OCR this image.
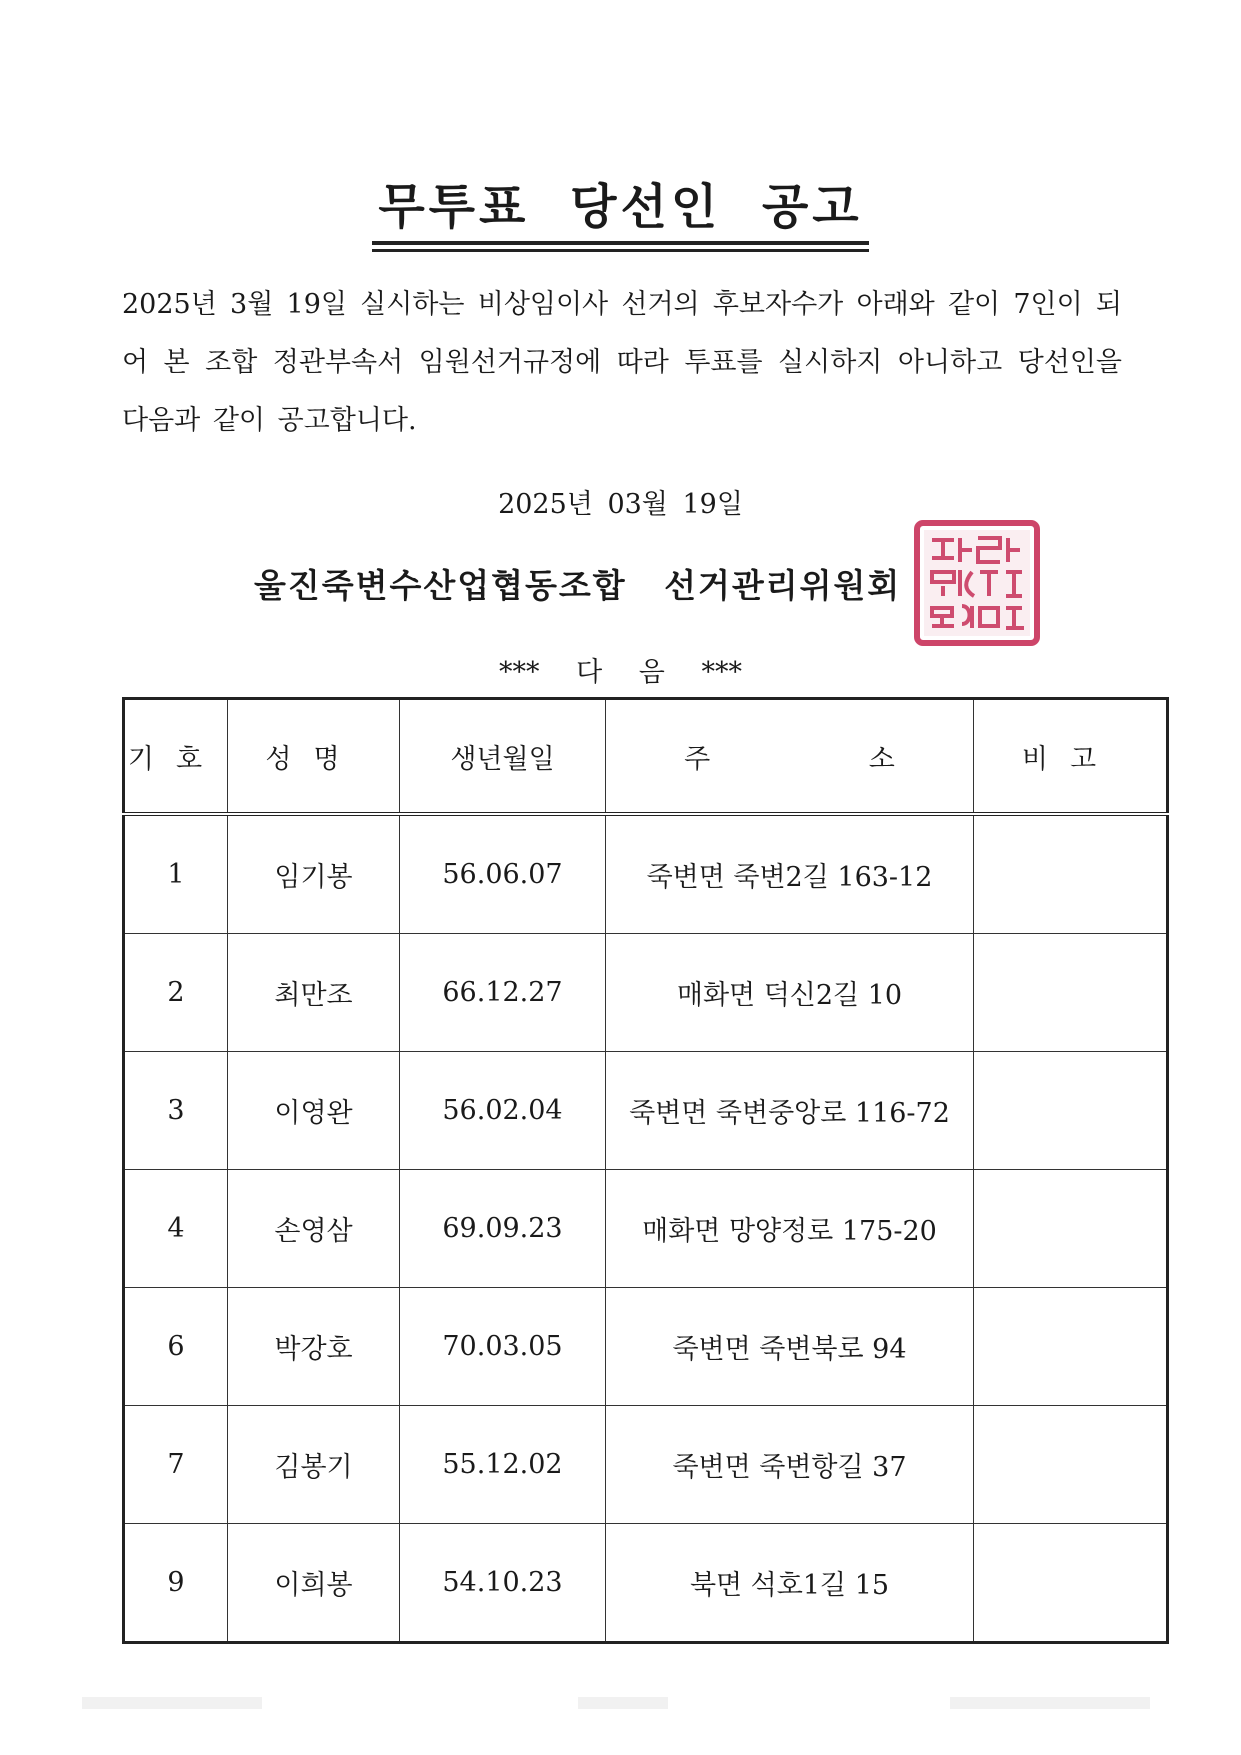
무투표 당선인 공고
2025년 3월 19일 실시하는 비상임이사 선거의 후보자수가 아래와 같이 7인이 되어 본 조합 정관부속서 임원선거규정에 따라 투표를 실시하지 아니하고 당선인을 다음과 같이 공고합니다.
2025년 03월 19일
울진죽변수산업협동조합 선거관리위원회
*** 다 음 ***
기호	성명	생년월일	주 소	비고
1	임기봉	56.06.07	죽변면 죽변2길 163-12	
2	최만조	66.12.27	매화면 덕신2길 10	
3	이영완	56.02.04	죽변면 죽변중앙로 116-72	
4	손영삼	69.09.23	매화면 망양정로 175-20	
6	박강호	70.03.05	죽변면 죽변북로 94	
7	김봉기	55.12.02	죽변면 죽변항길 37	
9	이희봉	54.10.23	북면 석호1길 15	
